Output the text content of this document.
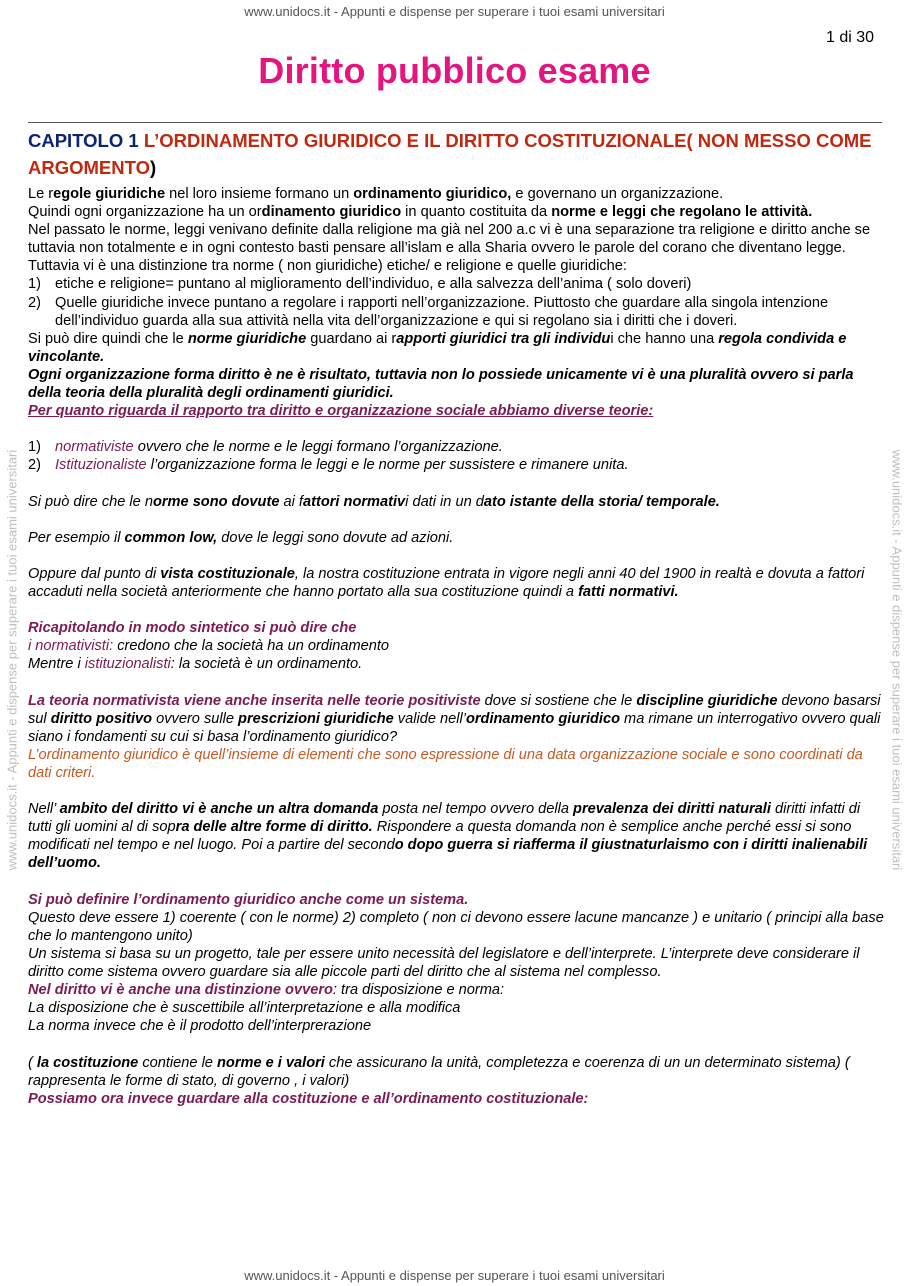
www.unidocs.it - Appunti e dispense per superare i tuoi esami universitari
www.unidocs.it - Appunti e dispense per superare i tuoi esami universitari	www.unidocs.it - Appunti e dispense per superare i tuoi esami universitari
1 di 30
Diritto pubblico esame
CAPITOLO 1 L’ORDINAMENTO GIURIDICO E IL DIRITTO COSTITUZIONALE( NON MESSO COME ARGOMENTO)

Le regole giuridiche nel loro insieme formano un ordinamento giuridico, e governano un organizzazione.

Quindi ogni organizzazione ha un ordinamento giuridico in quanto costituita da norme e leggi che regolano le attività.

Nel passato le norme, leggi venivano definite dalla religione ma già nel 200 a.c vi è una separazione tra religione e diritto anche se tuttavia non totalmente e in ogni contesto basti pensare all’islam e alla Sharia ovvero le parole del corano che diventano legge.

Tuttavia vi è una distinzione tra norme ( non giuridiche) etiche/ e religione e quelle giuridiche:

1) etiche e religione= puntano al miglioramento dell’individuo, e alla salvezza dell’anima ( solo doveri)
2) Quelle giuridiche invece puntano a regolare i rapporti nell’organizzazione. Piuttosto che guardare alla singola intenzione dell’individuo guarda alla sua attività nella vita dell’organizzazione e qui si regolano sia i diritti che i doveri.

Si può dire quindi che le norme giuridiche guardano ai rapporti giuridici tra gli individui che hanno una regola condivida e vincolante.

Ogni organizzazione forma diritto è ne è risultato, tuttavia non lo possiede unicamente vi è una pluralità ovvero si parla della teoria della pluralità degli ordinamenti giuridici.

Per quanto riguarda il rapporto tra diritto e organizzazione sociale abbiamo diverse teorie:

1) normativiste ovvero che le norme e le leggi formano l’organizzazione.
2) Istituzionaliste l’organizzazione forma le leggi e le norme per sussistere e rimanere unita.

Si può dire che le norme sono dovute ai fattori normativi dati in un dato istante della storia/ temporale.

Per esempio il common low, dove le leggi sono dovute ad azioni.

Oppure dal punto di vista costituzionale, la nostra costituzione entrata in vigore negli anni 40 del 1900 in realtà e dovuta a fattori accaduti nella società anteriormente che hanno portato alla sua costituzione quindi a fatti normativi.

Ricapitolando in modo sintetico si può dire che

i normativisti: credono che la società ha un ordinamento

Mentre i istituzionalisti: la società è un ordinamento.

La teoria normativista viene anche inserita nelle teorie positiviste dove si sostiene che le discipline giuridiche devono basarsi sul diritto positivo ovvero sulle prescrizioni giuridiche valide nell’ordinamento giuridico ma rimane un interrogativo ovvero quali siano i fondamenti su cui si basa l’ordinamento giuridico?

L’ordinamento giuridico è quell’insieme di elementi che sono espressione di una data organizzazione sociale e sono coordinati da dati criteri.

Nell’ ambito del diritto vi è anche un altra domanda posta nel tempo ovvero della prevalenza dei diritti naturali diritti infatti di tutti gli uomini al di sopra delle altre forme di diritto. Rispondere a questa domanda non è semplice anche perché essi si sono modificati nel tempo e nel luogo. Poi a partire del secondo dopo guerra si riafferma il giustnaturlaismo con i diritti inalienabili dell’uomo.

Si può definire l’ordinamento giuridico anche come un sistema.

Questo deve essere 1) coerente ( con le norme) 2) completo ( non ci devono essere lacune mancanze ) e unitario ( principi alla base che lo mantengono unito)

Un sistema si basa su un progetto, tale per essere unito necessità del legislatore e dell’interprete. L’interprete deve considerare il diritto come sistema ovvero guardare sia alle piccole parti del diritto che al sistema nel complesso.

Nel diritto vi è anche una distinzione ovvero: tra disposizione e norma:

La disposizione che è suscettibile all’interpretazione e alla modifica

La norma invece che è il prodotto dell’interprerazione

( la costituzione contiene le norme e i valori che assicurano la unità, completezza e coerenza di un un determinato sistema) ( rappresenta le forme di stato, di governo , i valori)

Possiamo ora invece guardare alla costituzione e all’ordinamento costituzionale:

www.unidocs.it - Appunti e dispense per superare i tuoi esami universitari
